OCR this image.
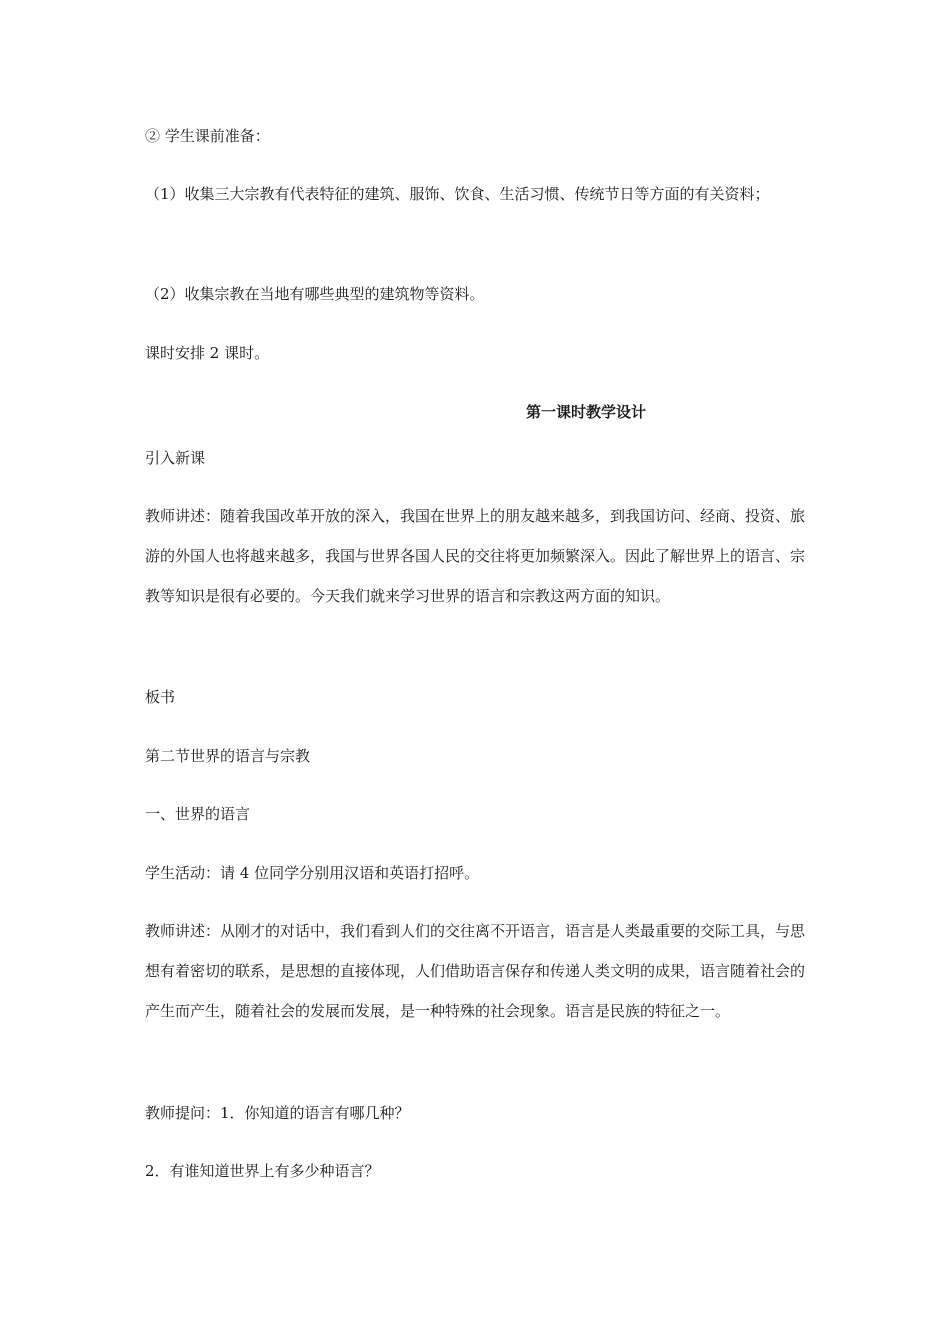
② 学生课前准备：

（1）收集三大宗教有代表特征的建筑、服饰、饮食、生活习惯、传统节日等方面的有关资料；

（2）收集宗教在当地有哪些典型的建筑物等资料。

课时安排 2 课时。

第一课时教学设计

引入新课

教师讲述：随着我国改革开放的深入，我国在世界上的朋友越来越多，到我国访问、经商、投资、旅游的外国人也将越来越多，我国与世界各国人民的交往将更加频繁深入。因此了解世界上的语言、宗教等知识是很有必要的。今天我们就来学习世界的语言和宗教这两方面的知识。

板书

第二节世界的语言与宗教

一、世界的语言

学生活动：请 4 位同学分别用汉语和英语打招呼。

教师讲述：从刚才的对话中，我们看到人们的交往离不开语言，语言是人类最重要的交际工具，与思想有着密切的联系，是思想的直接体现，人们借助语言保存和传递人类文明的成果，语言随着社会的产生而产生，随着社会的发展而发展，是一种特殊的社会现象。语言是民族的特征之一。

教师提问：1．你知道的语言有哪几种？

2．有谁知道世界上有多少种语言？
